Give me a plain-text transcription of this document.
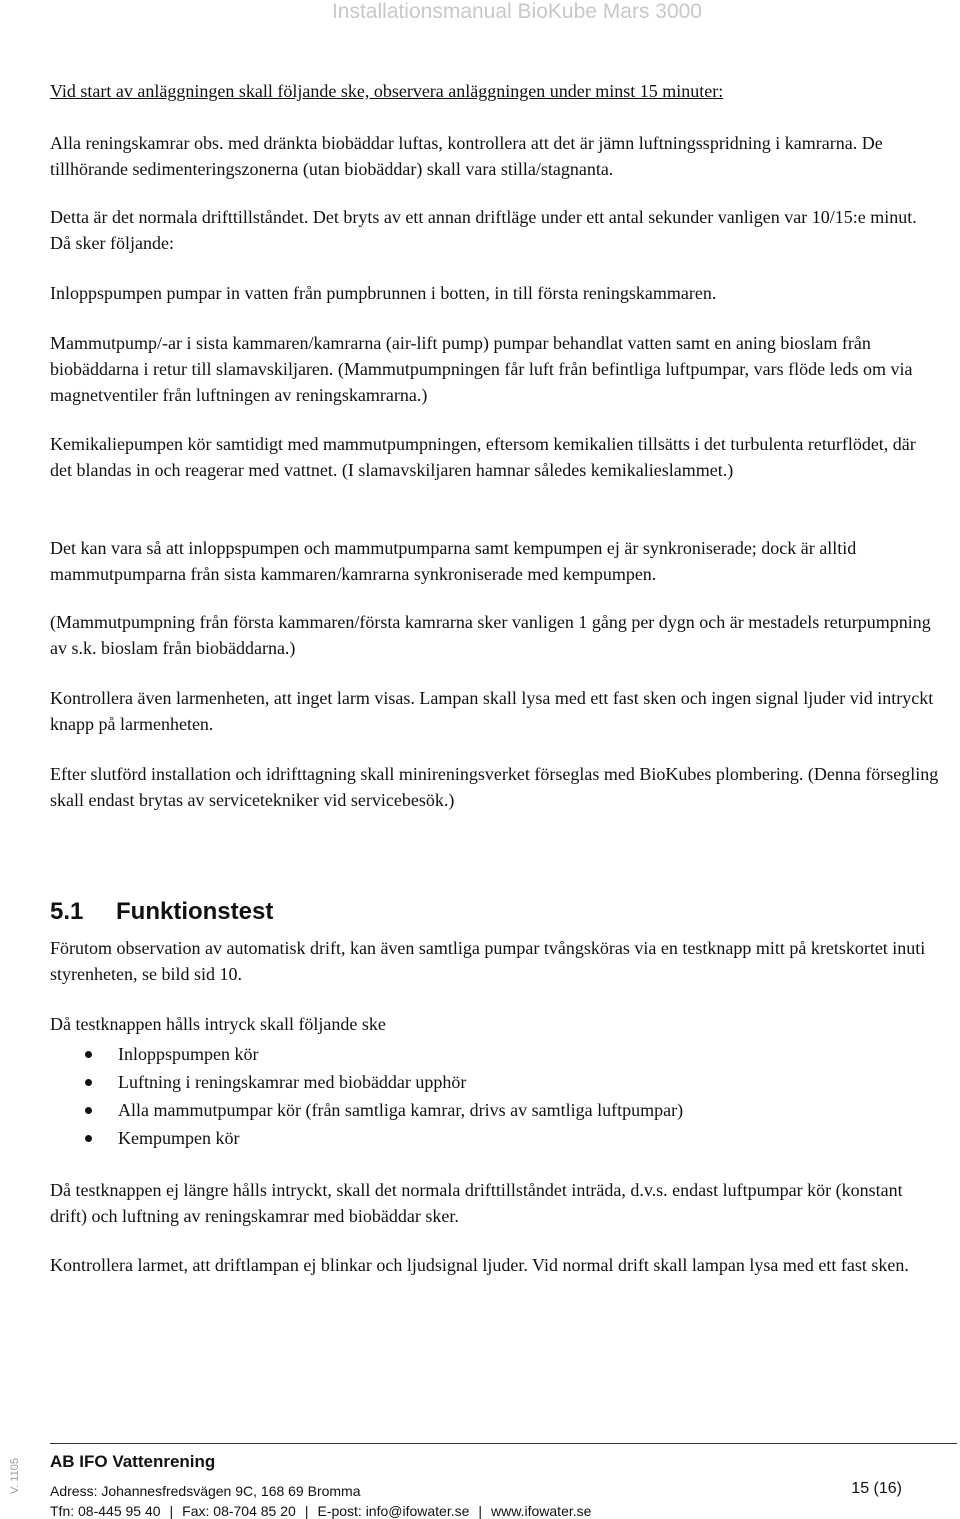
Installationsmanual BioKube Mars 3000

Vid start av anläggningen skall följande ske, observera anläggningen under minst 15 minuter:

Alla reningskamrar obs. med dränkta biobäddar luftas, kontrollera att det är jämn luftningsspridning i kamrarna. De tillhörande sedimenteringszonerna (utan biobäddar) skall vara stilla/stagnanta.

Detta är det normala drifttillståndet. Det bryts av ett annan driftläge under ett antal sekunder vanligen var 10/15:e minut. Då sker följande:

Inloppspumpen pumpar in vatten från pumpbrunnen i botten, in till första reningskammaren.

Mammutpump/-ar i sista kammaren/kamrarna (air-lift pump) pumpar behandlat vatten samt en aning bioslam från biobäddarna i retur till slamavskiljaren. (Mammutpumpningen får luft från befintliga luftpumpar, vars flöde leds om via magnetventiler från luftningen av reningskamrarna.)

Kemikaliepumpen kör samtidigt med mammutpumpningen, eftersom kemikalien tillsätts i det turbulenta returflödet, där det blandas in och reagerar med vattnet. (I slamavskiljaren hamnar således kemikalieslammet.)

Det kan vara så att inloppspumpen och mammutpumparna samt kempumpen ej är synkroniserade; dock är alltid mammutpumparna från sista kammaren/kamrarna synkroniserade med kempumpen.

(Mammutpumpning från första kammaren/första kamrarna sker vanligen 1 gång per dygn och är mestadels returpumpning av s.k. bioslam från biobäddarna.)

Kontrollera även larmenheten, att inget larm visas. Lampan skall lysa med ett fast sken och ingen signal ljuder vid intryckt knapp på larmenheten.

Efter slutförd installation och idrifttagning skall minireningsverket förseglas med BioKubes plombering. (Denna försegling skall endast brytas av servicetekniker vid servicebesök.)

5.1 Funktionstest

Förutom observation av automatisk drift, kan även samtliga pumpar tvångsköras via en testknapp mitt på kretskortet inuti styrenheten, se bild sid 10.

Då testknappen hålls intryck skall följande ske

Inloppspumpen kör
Luftning i reningskamrar med biobäddar upphör
Alla mammutpumpar kör (från samtliga kamrar, drivs av samtliga luftpumpar)
Kempumpen kör

Då testknappen ej längre hålls intryckt, skall det normala drifttillståndet inträda, d.v.s. endast luftpumpar kör (konstant drift) och luftning av reningskamrar med biobäddar sker.

Kontrollera larmet, att driftlampan ej blinkar och ljudsignal ljuder. Vid normal drift skall lampan lysa med ett fast sken.

V. 1105 AB IFO Vattenrening
Adress: Johannesfredsvägen 9C, 168 69 Bromma
Tfn: 08-445 95 40 | Fax: 08-704 85 20 | E-post: info@ifowater.se | www.ifowater.se
15 (16)
